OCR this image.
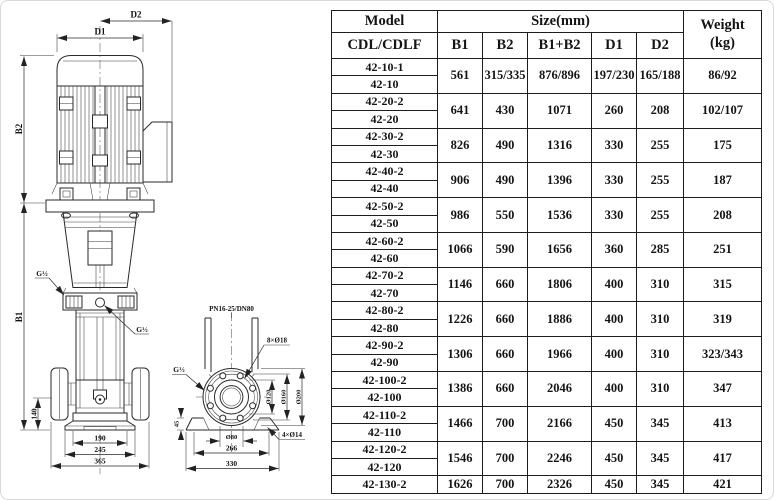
D2
D1
B2
B1
140
190
245
365
G½
G½
PN16-25/DN80
8×Ø18
G½
4×Ø14
Ø120 Ø160 Ø200
45
Ø80
266
330
Model	Size(mm)					Weight
(kg)

CDL/CDLF	B1	B2	B1+B2	D1	D2	
42-10-1	561	315/335	876/896	197/230	165/188	86/92
42-10						
42-20-2	641	430	1071	260	208	102/107
42-20						
42-30-2	826	490	1316	330	255	175
42-30						
42-40-2	906	490	1396	330	255	187
42-40						
42-50-2	986	550	1536	330	255	208
42-50						
42-60-2	1066	590	1656	360	285	251
42-60						
42-70-2	1146	660	1806	400	310	315
42-70						
42-80-2	1226	660	1886	400	310	319
42-80						
42-90-2	1306	660	1966	400	310	323/343
42-90						
42-100-2	1386	660	2046	400	310	347
42-100						
42-110-2	1466	700	2166	450	345	413
42-110						
42-120-2	1546	700	2246	450	345	417
42-120						
42-130-2	1626	700	2326	450	345	421
